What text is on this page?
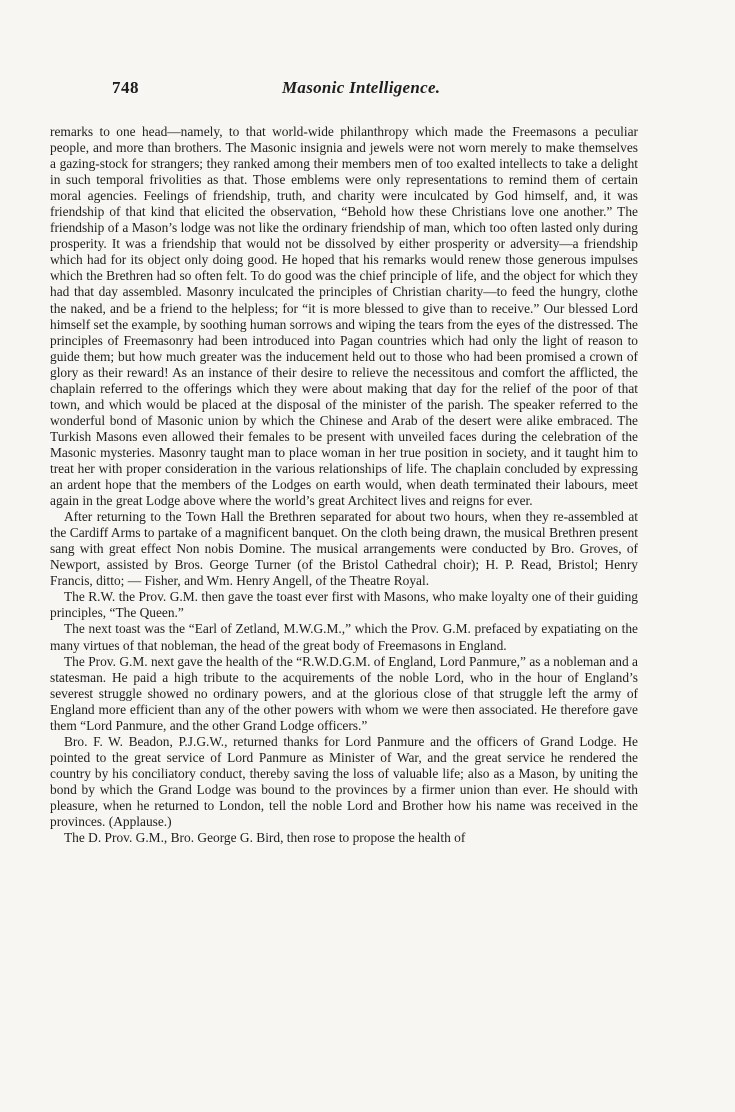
748	Masonic Intelligence.

remarks to one head—namely, to that world-wide philanthropy which made the Freemasons a peculiar people, and more than brothers. The Masonic insignia and jewels were not worn merely to make themselves a gazing-stock for strangers; they ranked among their members men of too exalted intellects to take a delight in such temporal frivolities as that. Those emblems were only representations to remind them of certain moral agencies. Feelings of friendship, truth, and charity were inculcated by God himself, and, it was friendship of that kind that elicited the observation, “Behold how these Christians love one another.” The friendship of a Mason’s lodge was not like the ordinary friendship of man, which too often lasted only during prosperity. It was a friendship that would not be dissolved by either prosperity or adversity—a friendship which had for its object only doing good. He hoped that his remarks would renew those generous impulses which the Brethren had so often felt. To do good was the chief principle of life, and the object for which they had that day assembled. Masonry inculcated the principles of Christian charity—to feed the hungry, clothe the naked, and be a friend to the helpless; for “it is more blessed to give than to receive.” Our blessed Lord himself set the example, by soothing human sorrows and wiping the tears from the eyes of the distressed. The principles of Freemasonry had been introduced into Pagan countries which had only the light of reason to guide them; but how much greater was the inducement held out to those who had been promised a crown of glory as their reward! As an instance of their desire to relieve the necessitous and comfort the afflicted, the chaplain referred to the offerings which they were about making that day for the relief of the poor of that town, and which would be placed at the disposal of the minister of the parish. The speaker referred to the wonderful bond of Masonic union by which the Chinese and Arab of the desert were alike embraced. The Turkish Masons even allowed their females to be present with unveiled faces during the celebration of the Masonic mysteries. Masonry taught man to place woman in her true position in society, and it taught him to treat her with proper consideration in the various relationships of life. The chaplain concluded by expressing an ardent hope that the members of the Lodges on earth would, when death terminated their labours, meet again in the great Lodge above where the world’s great Architect lives and reigns for ever.

After returning to the Town Hall the Brethren separated for about two hours, when they re-assembled at the Cardiff Arms to partake of a magnificent banquet. On the cloth being drawn, the musical Brethren present sang with great effect Non nobis Domine. The musical arrangements were conducted by Bro. Groves, of Newport, assisted by Bros. George Turner (of the Bristol Cathedral choir); H. P. Read, Bristol; Henry Francis, ditto; — Fisher, and Wm. Henry Angell, of the Theatre Royal.

The R.W. the Prov. G.M. then gave the toast ever first with Masons, who make loyalty one of their guiding principles, “The Queen.”

The next toast was the “Earl of Zetland, M.W.G.M.,” which the Prov. G.M. prefaced by expatiating on the many virtues of that nobleman, the head of the great body of Freemasons in England.

The Prov. G.M. next gave the health of the “R.W.D.G.M. of England, Lord Panmure,” as a nobleman and a statesman. He paid a high tribute to the acquirements of the noble Lord, who in the hour of England’s severest struggle showed no ordinary powers, and at the glorious close of that struggle left the army of England more efficient than any of the other powers with whom we were then associated. He therefore gave them “Lord Panmure, and the other Grand Lodge officers.”

Bro. F. W. Beadon, P.J.G.W., returned thanks for Lord Panmure and the officers of Grand Lodge. He pointed to the great service of Lord Panmure as Minister of War, and the great service he rendered the country by his conciliatory conduct, thereby saving the loss of valuable life; also as a Mason, by uniting the bond by which the Grand Lodge was bound to the provinces by a firmer union than ever. He should with pleasure, when he returned to London, tell the noble Lord and Brother how his name was received in the provinces. (Applause.)

The D. Prov. G.M., Bro. George G. Bird, then rose to propose the health of
